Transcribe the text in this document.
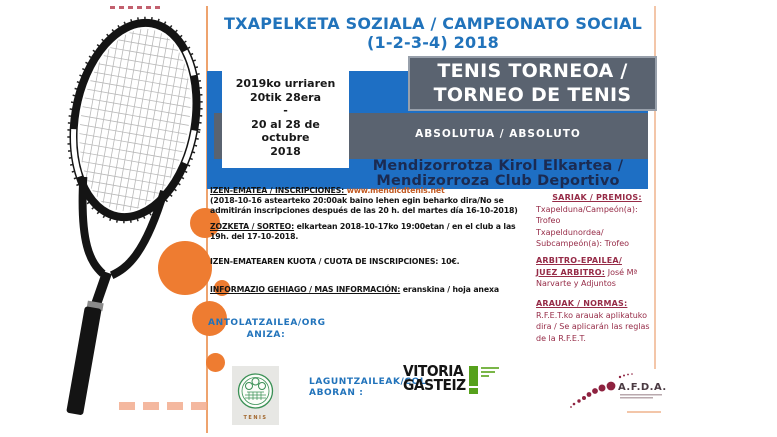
TXAPELKETA SOZIALA / CAMPEONATO SOCIAL
(1-2-3-4) 2018
2019ko urriaren
20tik 28era
-
20 al 28 de
octubre
2018
TENIS TORNEOA /
TORNEO DE TENIS
ABSOLUTUA / ABSOLUTO
Mendizorrotza Kirol Elkartea /
Mendizorroza Club Deportivo
IZEN-EMATEA / INSCRIPCIONES: www.mendicdtenis.net
(2018-10-16 astearteko 20:00ak baino lehen egin beharko dira/No se admitirán inscripciones después de las 20 h. del martes día 16-10-2018)
ZOZKETA / SORTEO: elkartean 2018-10-17ko 19:00etan / en el club a las 19h. del 17-10-2018.
IZEN-EMATEAREN KUOTA / CUOTA DE INSCRIPCIONES: 10€.
INFORMAZIO GEHIAGO / MAS INFORMACIÓN: eranskina / hoja anexa
ANTOLATZAILEA/ORG
ANIZA:
SARIAK / PREMIOS:
Txapelduna/Campeón(a): Trofeo
Txapeldunordea/ Subcampeón(a): Trofeo
ARBITRO-EPAILEA/
JUEZ ARBITRO: José Mª Narvarte y Adjuntos
ARAUAK / NORMAS:
R.F.E.T.ko arauak aplikatuko dira / Se aplicarán las reglas de la R.F.E.T.
TENIS
LAGUNTZAILEAK/COL
ABORAN :
VITORIA
GASTEIZ	A.F.D.A.
